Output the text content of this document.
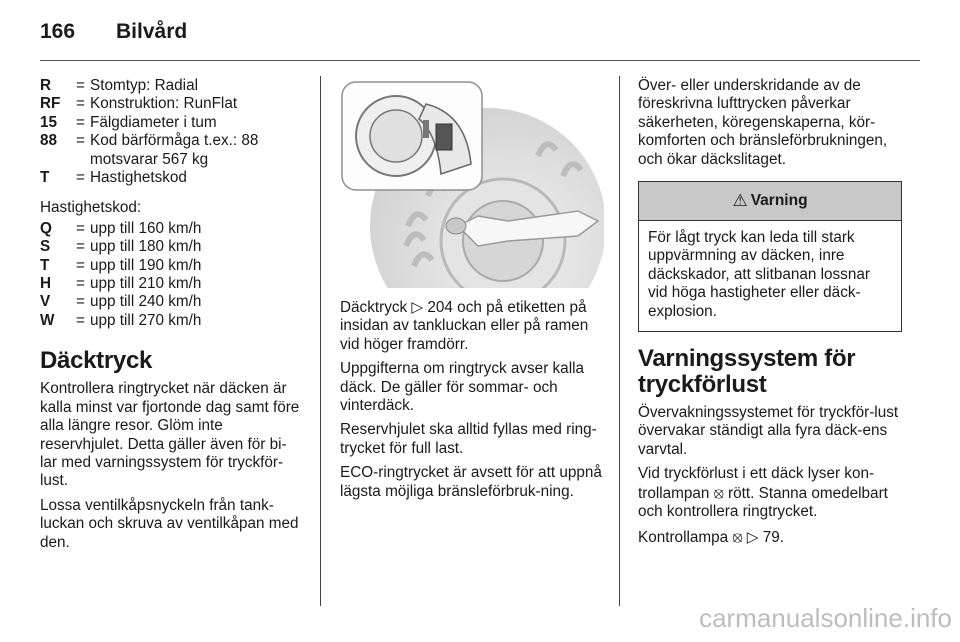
166 Bilvård
R	= Stomtyp: Radial
RF	= Konstruktion: RunFlat
15	= Fälgdiameter i tum
88	= Kod bärförmåga t.ex.: 88 motsvarar 567 kg
T	= Hastighetskod

Hastighetskod:

Q	= upp till 160 km/h
S	= upp till 180 km/h
T	= upp till 190 km/h
H	= upp till 210 km/h
V	= upp till 240 km/h
W	= upp till 270 km/h
Däcktryck

Kontrollera ringtrycket när däcken är kalla minst var fjortonde dag samt före alla längre resor. Glöm inte reservhjulet. Detta gäller även för bi-lar med varningssystem för tryckför-lust.

Lossa ventilkåpsnyckeln från tank-luckan och skruva av ventilkåpan med den.

Däcktryck ▷ 204 och på etiketten på insidan av tankluckan eller på ramen vid höger framdörr.

Uppgifterna om ringtryck avser kalla däck. De gäller för sommar- och vinterdäck.

Reservhjulet ska alltid fyllas med ring-trycket för full last.

ECO-ringtrycket är avsett för att uppnå lägsta möjliga bränsleförbruk-ning.

Över- eller underskridande av de föreskrivna lufttrycken påverkar säkerheten, köregenskaperna, kör-komforten och bränsleförbrukningen, och ökar däckslitaget.

⚠ Varning
För lågt tryck kan leda till stark uppvärmning av däcken, inre däckskador, att slitbanan lossnar vid höga hastigheter eller däck-explosion.
Varningssystem för tryckförlust

Övervakningssystemet för tryckför-lust övervakar ständigt alla fyra däck-ens varvtal.

Vid tryckförlust i ett däck lyser kon-trollampan ⦻ rött. Stanna omedelbart och kontrollera ringtrycket.

Kontrollampa ⦻ ▷ 79.

carmanualsonline.info
